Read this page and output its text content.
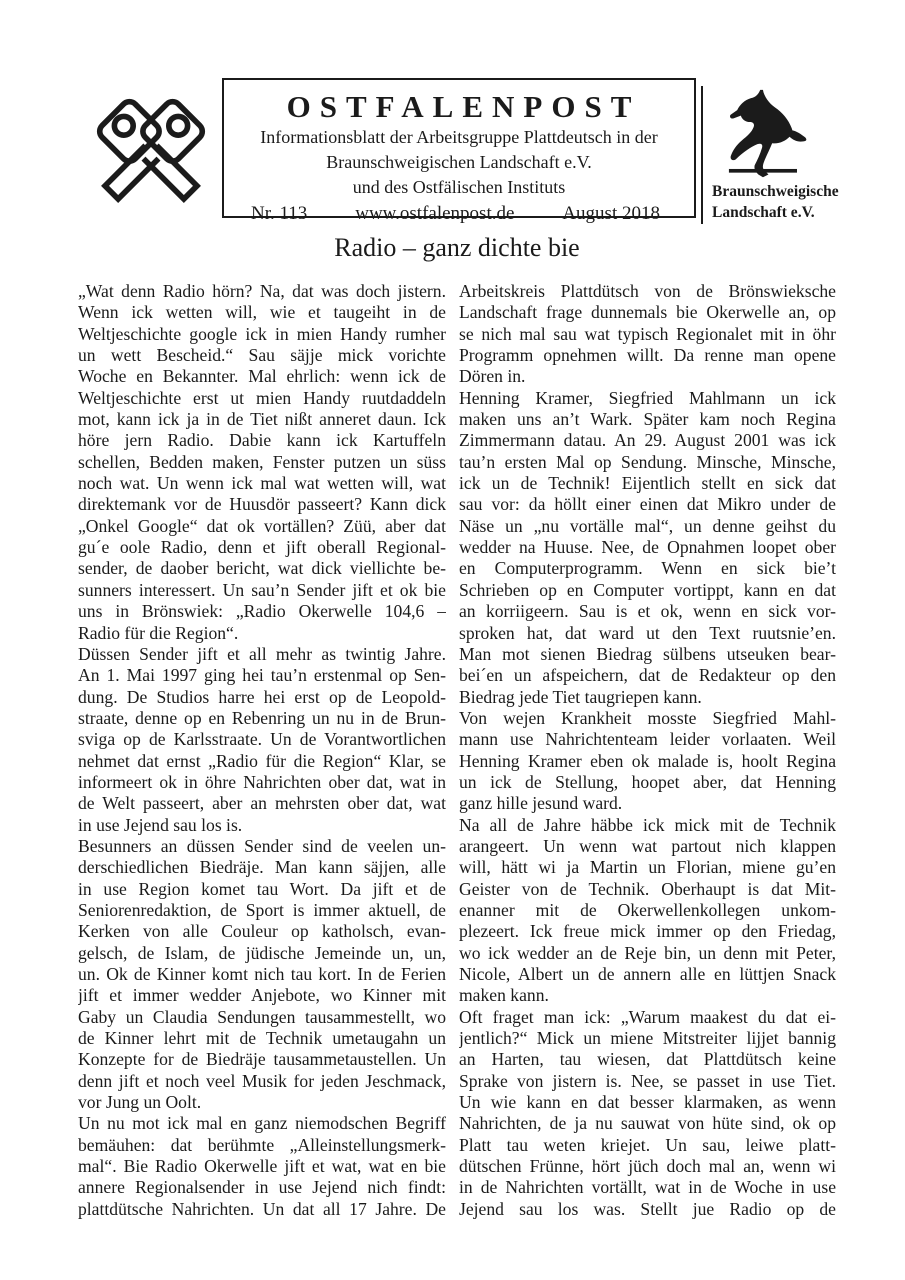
OSTFALENPOST
Informationsblatt der Arbeitsgruppe Plattdeutsch in der
Braunschweigischen Landschaft e.V.
und des Ostfälischen Instituts
Nr. 113	www.ostfalenpost.de	August 2018
Braunschweigische
Landschaft e.V.
Radio – ganz dichte bie
„Wat denn Radio hörn? Na, dat was doch jistern.
Wenn ick wetten will, wie et taugeiht in de
Weltjeschichte google ick in mien Handy rumher
un wett Bescheid.“ Sau säjje mick vorichte
Woche en Bekannter. Mal ehrlich: wenn ick de
Weltjeschichte erst ut mien Handy ruutdaddeln
mot, kann ick ja in de Tiet nißt anneret daun. Ick
höre jern Radio. Dabie kann ick Kartuffeln
schellen, Bedden maken, Fenster putzen un süss
noch wat. Un wenn ick mal wat wetten will, wat
direktemank vor de Huusdör passeert? Kann dick
„Onkel Google“ dat ok vortällen? Züü, aber dat
gu´e oole Radio, denn et jift oberall Regional-
sender, de daober bericht, wat dick viellichte be-
sunners interessert. Un sau’n Sender jift et ok bie
uns in Brönswiek: „Radio Okerwelle 104,6 –
Radio für die Region“.
Düssen Sender jift et all mehr as twintig Jahre.
An 1. Mai 1997 ging hei tau’n erstenmal op Sen-
dung. De Studios harre hei erst op de Leopold-
straate, denne op en Rebenring un nu in de Brun-
sviga op de Karlsstraate. Un de Vorantwortlichen
nehmet dat ernst „Radio für die Region“ Klar, se
informeert ok in öhre Nahrichten ober dat, wat in
de Welt passeert, aber an mehrsten ober dat, wat
in use Jejend sau los is.
Besunners an düssen Sender sind de veelen un-
derschiedlichen Biedräje. Man kann säjjen, alle
in use Region komet tau Wort. Da jift et de
Seniorenredaktion, de Sport is immer aktuell, de
Kerken von alle Couleur op katholsch, evan-
gelsch, de Islam, de jüdische Jemeinde un, un,
un. Ok de Kinner komt nich tau kort. In de Ferien
jift et immer wedder Anjebote, wo Kinner mit
Gaby un Claudia Sendungen tausammestellt, wo
de Kinner lehrt mit de Technik umetaugahn un
Konzepte for de Biedräje tausammetaustellen. Un
denn jift et noch veel Musik for jeden Jeschmack,
vor Jung un Oolt.
Un nu mot ick mal en ganz niemodschen Begriff
bemäuhen: dat berühmte „Alleinstellungsmerk-
mal“. Bie Radio Okerwelle jift et wat, wat en bie
annere Regionalsender in use Jejend nich findt:
plattdütsche Nahrichten. Un dat all 17 Jahre. De
Arbeitskreis Plattdütsch von de Brönswieksche
Landschaft frage dunnemals bie Okerwelle an, op
se nich mal sau wat typisch Regionalet mit in öhr
Programm opnehmen willt. Da renne man opene
Dören in.
Henning Kramer, Siegfried Mahlmann un ick
maken uns an’t Wark. Später kam noch Regina
Zimmermann datau. An 29. August 2001 was ick
tau’n ersten Mal op Sendung. Minsche, Minsche,
ick un de Technik! Eijentlich stellt en sick dat
sau vor: da höllt einer einen dat Mikro under de
Näse un „nu vortälle mal“, un denne geihst du
wedder na Huuse. Nee, de Opnahmen loopet ober
en Computerprogramm. Wenn en sick bie’t
Schrieben op en Computer vortippt, kann en dat
an korriigeern. Sau is et ok, wenn en sick vor-
sproken hat, dat ward ut den Text ruutsnie’en.
Man mot sienen Biedrag sülbens utseuken bear-
bei´en un afspeichern, dat de Redakteur op den
Biedrag jede Tiet taugriepen kann.
Von wejen Krankheit mosste Siegfried Mahl-
mann use Nahrichtenteam leider vorlaaten. Weil
Henning Kramer eben ok malade is, hoolt Regina
un ick de Stellung, hoopet aber, dat Henning
ganz hille jesund ward.
Na all de Jahre häbbe ick mick mit de Technik
arangeert. Un wenn wat partout nich klappen
will, hätt wi ja Martin un Florian, miene gu’en
Geister von de Technik. Oberhaupt is dat Mit-
enanner mit de Okerwellenkollegen unkom-
plezeert. Ick freue mick immer op den Friedag,
wo ick wedder an de Reje bin, un denn mit Peter,
Nicole, Albert un de annern alle en lüttjen Snack
maken kann.
Oft fraget man ick: „Warum maakest du dat ei-
jentlich?“ Mick un miene Mitstreiter lijjet bannig
an Harten, tau wiesen, dat Plattdütsch keine
Sprake von jistern is. Nee, se passet in use Tiet.
Un wie kann en dat besser klarmaken, as wenn
Nahrichten, de ja nu sauwat von hüte sind, ok op
Platt tau weten kriejet. Un sau, leiwe platt-
dütschen Frünne, hört jüch doch mal an, wenn wi
in de Nahrichten vortällt, wat in de Woche in use
Jejend sau los was. Stellt jue Radio op de
